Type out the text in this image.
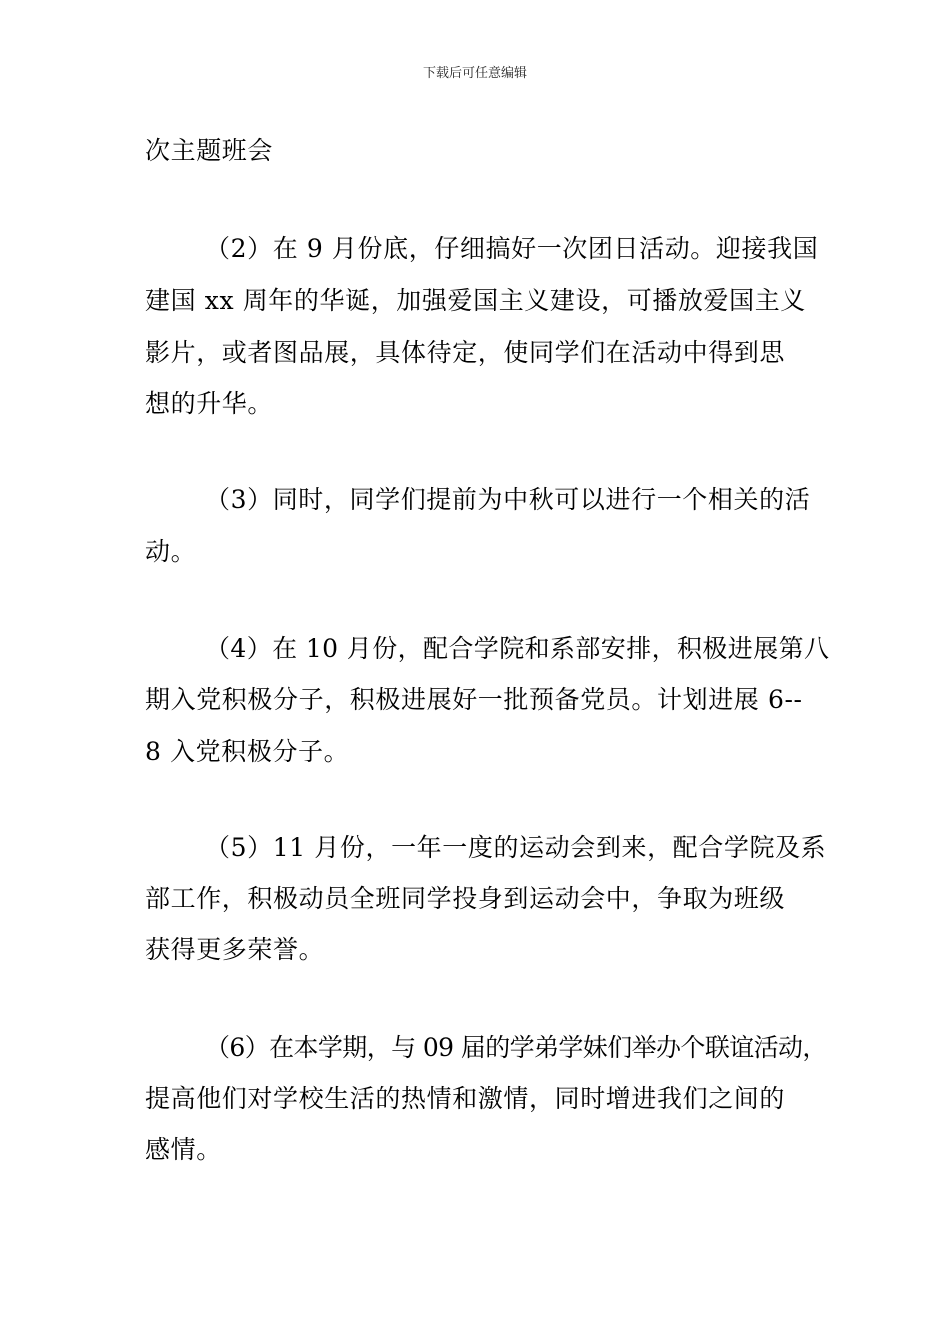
下载后可任意编辑
次主题班会
（2）在 9 月份底，仔细搞好一次团日活动。迎接我国
建国 xx 周年的华诞，加强爱国主义建设，可播放爱国主义
影片，或者图品展，具体待定，使同学们在活动中得到思
想的升华。
（3）同时，同学们提前为中秋可以进行一个相关的活
动。
（4）在 10 月份，配合学院和系部安排，积极进展第八
期入党积极分子，积极进展好一批预备党员。计划进展 6--
8 入党积极分子。
（5）11 月份，一年一度的运动会到来，配合学院及系
部工作，积极动员全班同学投身到运动会中，争取为班级
获得更多荣誉。
（6）在本学期，与 09 届的学弟学妹们举办个联谊活动，
提高他们对学校生活的热情和激情，同时增进我们之间的
感情。
